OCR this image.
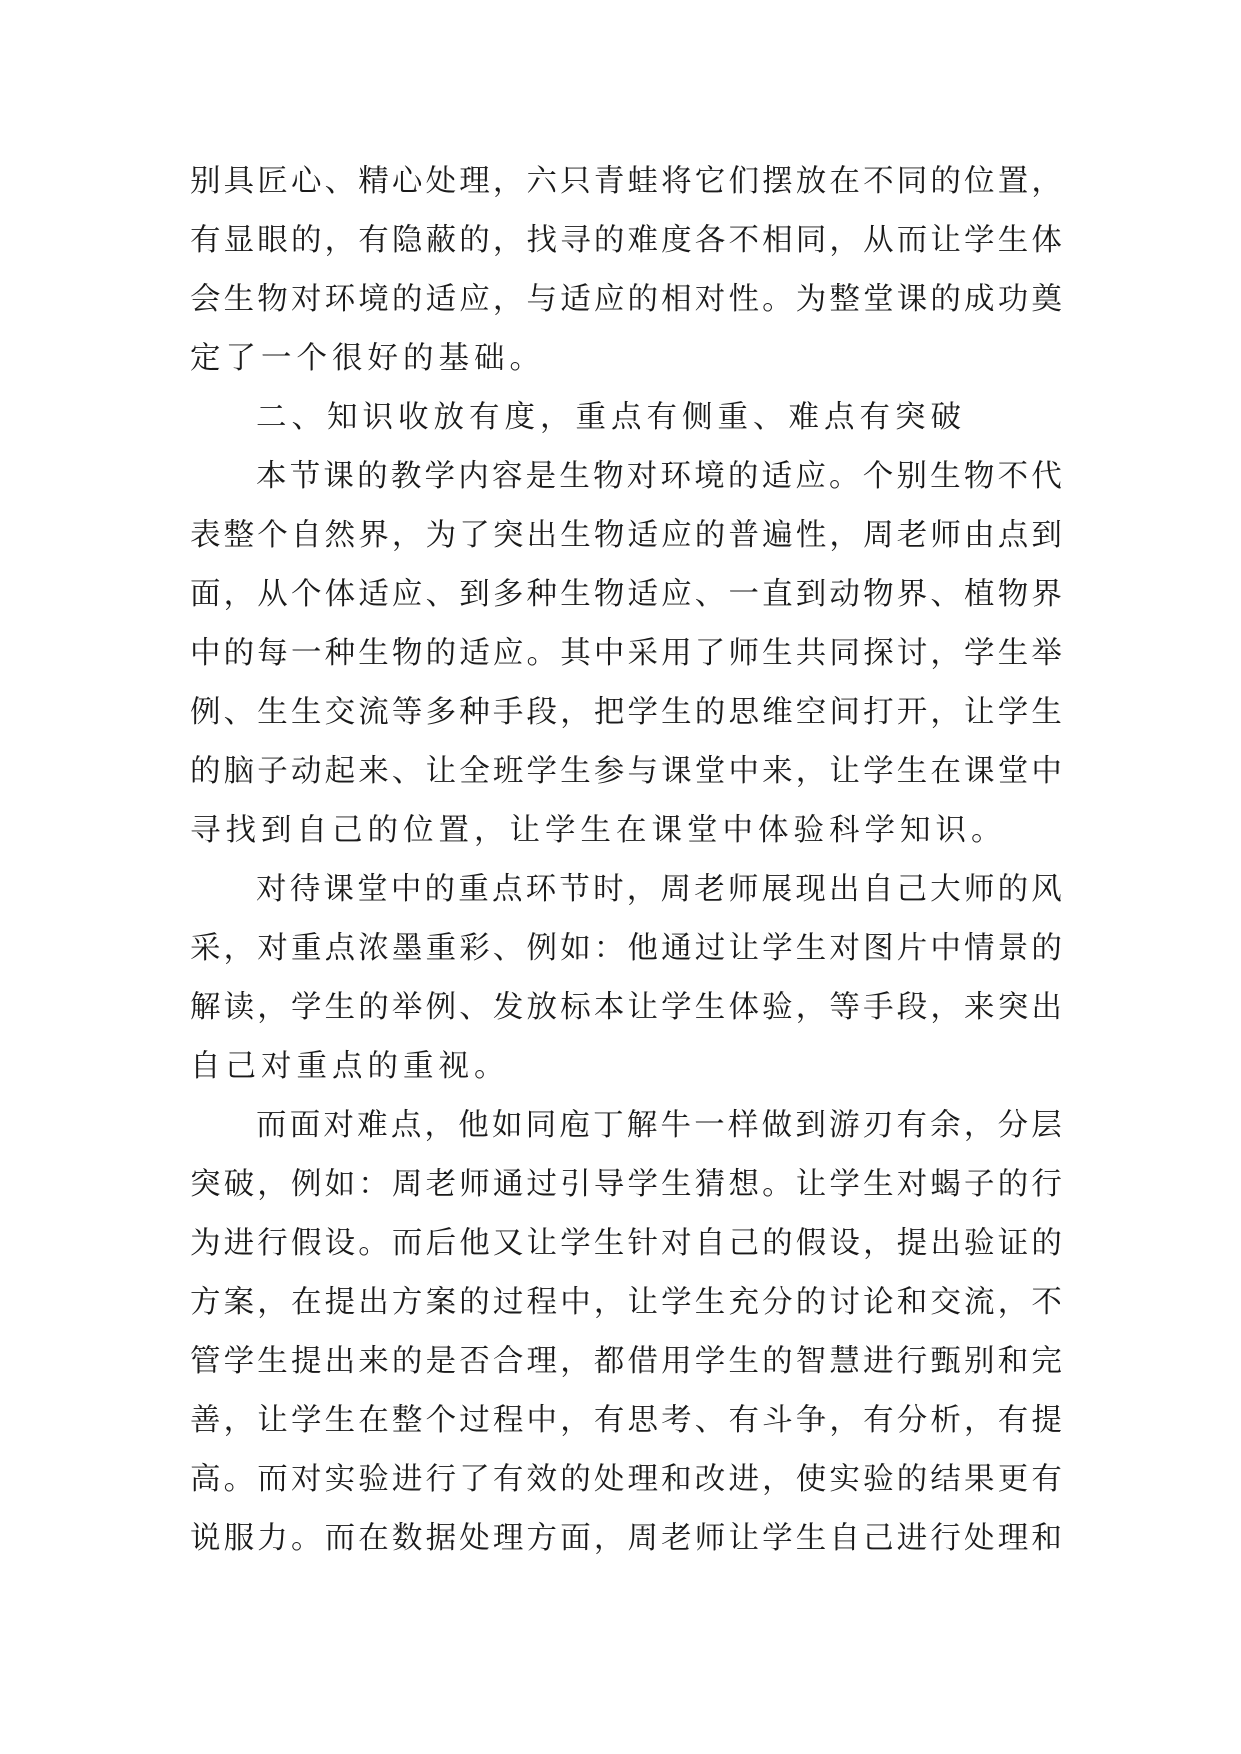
别具匠心、精心处理，六只青蛙将它们摆放在不同的位置，
有显眼的，有隐蔽的，找寻的难度各不相同，从而让学生体
会生物对环境的适应，与适应的相对性。为整堂课的成功奠
定了一个很好的基础。
二、知识收放有度，重点有侧重、难点有突破
本节课的教学内容是生物对环境的适应。个别生物不代
表整个自然界，为了突出生物适应的普遍性，周老师由点到
面，从个体适应、到多种生物适应、一直到动物界、植物界
中的每一种生物的适应。其中采用了师生共同探讨，学生举
例、生生交流等多种手段，把学生的思维空间打开，让学生
的脑子动起来、让全班学生参与课堂中来，让学生在课堂中
寻找到自己的位置，让学生在课堂中体验科学知识。
对待课堂中的重点环节时，周老师展现出自己大师的风
采，对重点浓墨重彩、例如：他通过让学生对图片中情景的
解读，学生的举例、发放标本让学生体验，等手段，来突出
自己对重点的重视。
而面对难点，他如同庖丁解牛一样做到游刃有余，分层
突破，例如：周老师通过引导学生猜想。让学生对蝎子的行
为进行假设。而后他又让学生针对自己的假设，提出验证的
方案，在提出方案的过程中，让学生充分的讨论和交流，不
管学生提出来的是否合理，都借用学生的智慧进行甄别和完
善，让学生在整个过程中，有思考、有斗争，有分析，有提
高。而对实验进行了有效的处理和改进，使实验的结果更有
说服力。而在数据处理方面，周老师让学生自己进行处理和
